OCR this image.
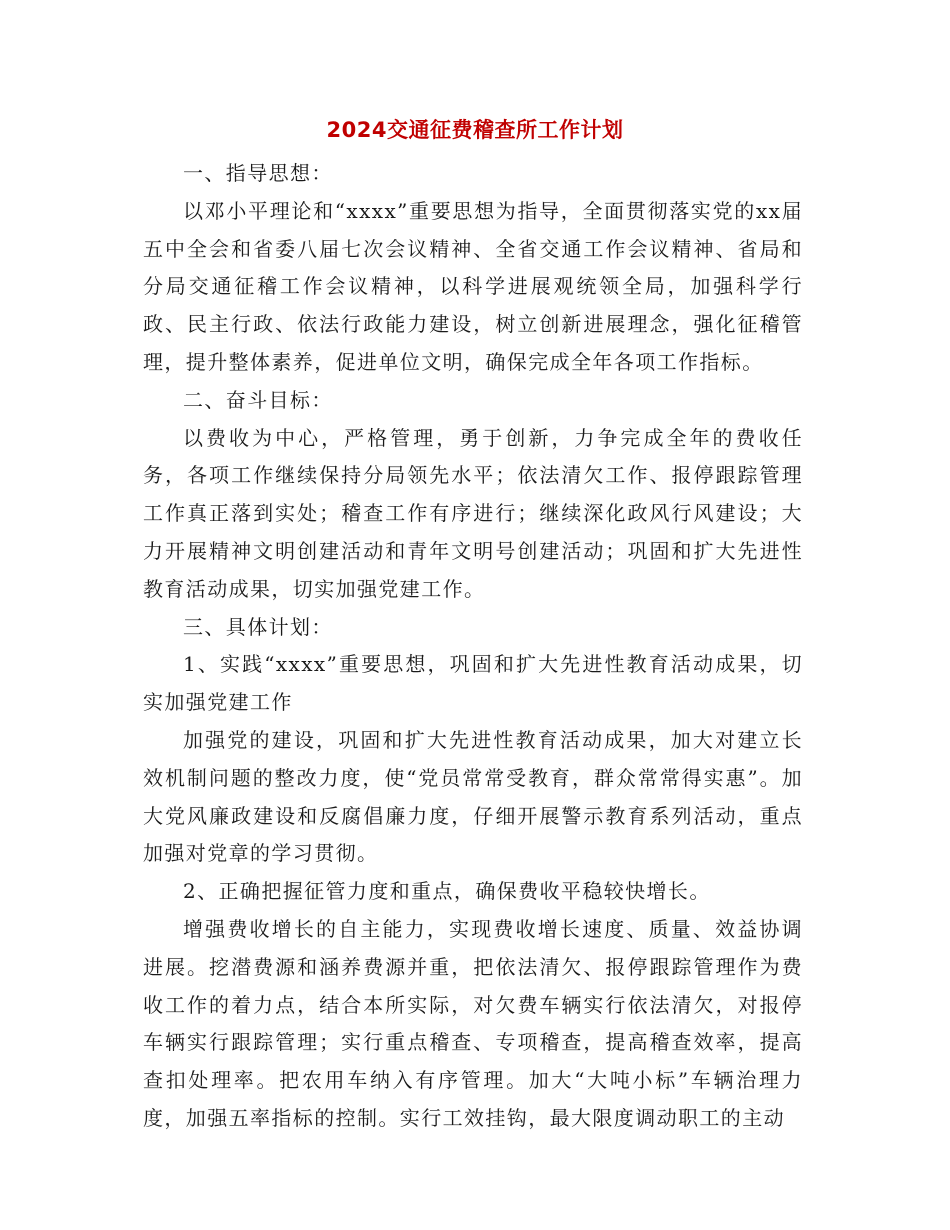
2024交通征费稽查所工作计划

一、指导思想：

以邓小平理论和“xxxx”重要思想为指导，全面贯彻落实党的xx届五中全会和省委八届七次会议精神、全省交通工作会议精神、省局和分局交通征稽工作会议精神，以科学进展观统领全局，加强科学行政、民主行政、依法行政能力建设，树立创新进展理念，强化征稽管理，提升整体素养，促进单位文明，确保完成全年各项工作指标。

二、奋斗目标：

以费收为中心，严格管理，勇于创新，力争完成全年的费收任务，各项工作继续保持分局领先水平；依法清欠工作、报停跟踪管理工作真正落到实处；稽查工作有序进行；继续深化政风行风建设；大力开展精神文明创建活动和青年文明号创建活动；巩固和扩大先进性教育活动成果，切实加强党建工作。

三、具体计划：

1、实践“xxxx”重要思想，巩固和扩大先进性教育活动成果，切实加强党建工作

加强党的建设，巩固和扩大先进性教育活动成果，加大对建立长效机制问题的整改力度，使“党员常常受教育，群众常常得实惠”。加大党风廉政建设和反腐倡廉力度，仔细开展警示教育系列活动，重点加强对党章的学习贯彻。

2、正确把握征管力度和重点，确保费收平稳较快增长。

增强费收增长的自主能力，实现费收增长速度、质量、效益协调进展。挖潜费源和涵养费源并重，把依法清欠、报停跟踪管理作为费收工作的着力点，结合本所实际，对欠费车辆实行依法清欠，对报停车辆实行跟踪管理；实行重点稽查、专项稽查，提高稽查效率，提高查扣处理率。把农用车纳入有序管理。加大“大吨小标”车辆治理力度，加强五率指标的控制。实行工效挂钩，最大限度调动职工的主动
